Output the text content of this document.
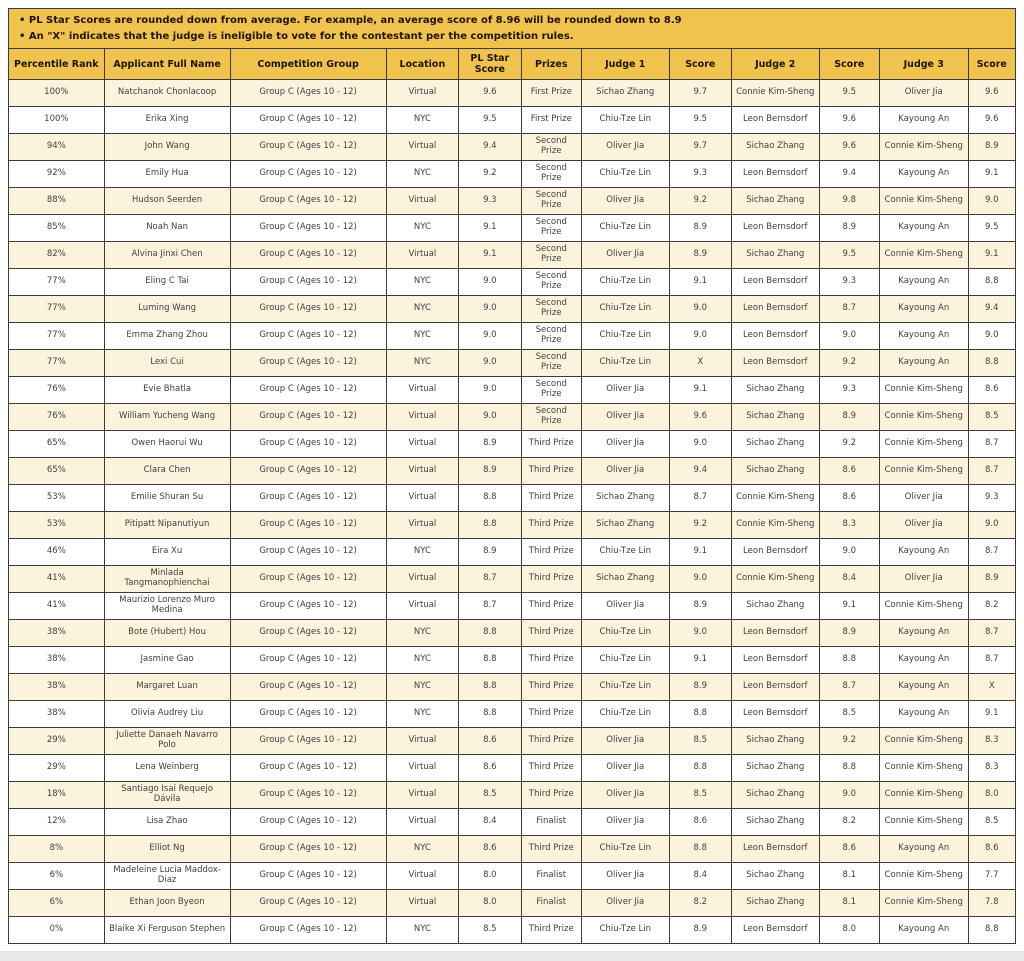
• PL Star Scores are rounded down from average. For example, an average score of 8.96 will be rounded down to 8.9
• An "X" indicates that the judge is ineligible to vote for the contestant per the competition rules.											

Percentile Rank	Applicant Full Name	Competition Group	Location	PL Star Score	Prizes	Judge 1	Score	Judge 2	Score	Judge 3	Score
100%	Natchanok Chonlacoop	Group C (Ages 10 - 12)	Virtual	9.6	First Prize	Sichao Zhang	9.7	Connie Kim-Sheng	9.5	Oliver Jia	9.6
100%	Erika Xing	Group C (Ages 10 - 12)	NYC	9.5	First Prize	Chiu-Tze Lin	9.5	Leon Bernsdorf	9.6	Kayoung An	9.6
94%	John Wang	Group C (Ages 10 - 12)	Virtual	9.4	Second Prize	Oliver Jia	9.7	Sichao Zhang	9.6	Connie Kim-Sheng	8.9
92%	Emily Hua	Group C (Ages 10 - 12)	NYC	9.2	Second Prize	Chiu-Tze Lin	9.3	Leon Bernsdorf	9.4	Kayoung An	9.1
88%	Hudson Seerden	Group C (Ages 10 - 12)	Virtual	9.3	Second Prize	Oliver Jia	9.2	Sichao Zhang	9.8	Connie Kim-Sheng	9.0
85%	Noah Nan	Group C (Ages 10 - 12)	NYC	9.1	Second Prize	Chiu-Tze Lin	8.9	Leon Bernsdorf	8.9	Kayoung An	9.5
82%	Alvina Jinxi Chen	Group C (Ages 10 - 12)	Virtual	9.1	Second Prize	Oliver Jia	8.9	Sichao Zhang	9.5	Connie Kim-Sheng	9.1
77%	Eling C Tai	Group C (Ages 10 - 12)	NYC	9.0	Second Prize	Chiu-Tze Lin	9.1	Leon Bernsdorf	9.3	Kayoung An	8.8
77%	Luming Wang	Group C (Ages 10 - 12)	NYC	9.0	Second Prize	Chiu-Tze Lin	9.0	Leon Bernsdorf	8.7	Kayoung An	9.4
77%	Emma Zhang Zhou	Group C (Ages 10 - 12)	NYC	9.0	Second Prize	Chiu-Tze Lin	9.0	Leon Bernsdorf	9.0	Kayoung An	9.0
77%	Lexi Cui	Group C (Ages 10 - 12)	NYC	9.0	Second Prize	Chiu-Tze Lin	X	Leon Bernsdorf	9.2	Kayoung An	8.8
76%	Evie Bhatla	Group C (Ages 10 - 12)	Virtual	9.0	Second Prize	Oliver Jia	9.1	Sichao Zhang	9.3	Connie Kim-Sheng	8.6
76%	William Yucheng Wang	Group C (Ages 10 - 12)	Virtual	9.0	Second Prize	Oliver Jia	9.6	Sichao Zhang	8.9	Connie Kim-Sheng	8.5
65%	Owen Haorui Wu	Group C (Ages 10 - 12)	Virtual	8.9	Third Prize	Oliver Jia	9.0	Sichao Zhang	9.2	Connie Kim-Sheng	8.7
65%	Clara Chen	Group C (Ages 10 - 12)	Virtual	8.9	Third Prize	Oliver Jia	9.4	Sichao Zhang	8.6	Connie Kim-Sheng	8.7
53%	Emilie Shuran Su	Group C (Ages 10 - 12)	Virtual	8.8	Third Prize	Sichao Zhang	8.7	Connie Kim-Sheng	8.6	Oliver Jia	9.3
53%	Pitipatt Nipanutiyun	Group C (Ages 10 - 12)	Virtual	8.8	Third Prize	Sichao Zhang	9.2	Connie Kim-Sheng	8.3	Oliver Jia	9.0
46%	Eira Xu	Group C (Ages 10 - 12)	NYC	8.9	Third Prize	Chiu-Tze Lin	9.1	Leon Bernsdorf	9.0	Kayoung An	8.7
41%	Minlada Tangmanophienchai	Group C (Ages 10 - 12)	Virtual	8.7	Third Prize	Sichao Zhang	9.0	Connie Kim-Sheng	8.4	Oliver Jia	8.9
41%	Maurizio Lorenzo Muro Medina	Group C (Ages 10 - 12)	Virtual	8.7	Third Prize	Oliver Jia	8.9	Sichao Zhang	9.1	Connie Kim-Sheng	8.2
38%	Bote (Hubert) Hou	Group C (Ages 10 - 12)	NYC	8.8	Third Prize	Chiu-Tze Lin	9.0	Leon Bernsdorf	8.9	Kayoung An	8.7
38%	Jasmine Gao	Group C (Ages 10 - 12)	NYC	8.8	Third Prize	Chiu-Tze Lin	9.1	Leon Bernsdorf	8.8	Kayoung An	8.7
38%	Margaret Luan	Group C (Ages 10 - 12)	NYC	8.8	Third Prize	Chiu-Tze Lin	8.9	Leon Bernsdorf	8.7	Kayoung An	X
38%	Olivia Audrey Liu	Group C (Ages 10 - 12)	NYC	8.8	Third Prize	Chiu-Tze Lin	8.8	Leon Bernsdorf	8.5	Kayoung An	9.1
29%	Juliette Danaeh Navarro Polo	Group C (Ages 10 - 12)	Virtual	8.6	Third Prize	Oliver Jia	8.5	Sichao Zhang	9.2	Connie Kim-Sheng	8.3
29%	Lena Weinberg	Group C (Ages 10 - 12)	Virtual	8.6	Third Prize	Oliver Jia	8.8	Sichao Zhang	8.8	Connie Kim-Sheng	8.3
18%	Santiago Isaí Requejo Dávila	Group C (Ages 10 - 12)	Virtual	8.5	Third Prize	Oliver Jia	8.5	Sichao Zhang	9.0	Connie Kim-Sheng	8.0
12%	Lisa Zhao	Group C (Ages 10 - 12)	Virtual	8.4	Finalist	Oliver Jia	8.6	Sichao Zhang	8.2	Connie Kim-Sheng	8.5
8%	Elliot Ng	Group C (Ages 10 - 12)	NYC	8.6	Third Prize	Chiu-Tze Lin	8.8	Leon Bernsdorf	8.6	Kayoung An	8.6
6%	Madeleine Lucia Maddox-Diaz	Group C (Ages 10 - 12)	Virtual	8.0	Finalist	Oliver Jia	8.4	Sichao Zhang	8.1	Connie Kim-Sheng	7.7
6%	Ethan Joon Byeon	Group C (Ages 10 - 12)	Virtual	8.0	Finalist	Oliver Jia	8.2	Sichao Zhang	8.1	Connie Kim-Sheng	7.8
0%	Blaike Xi Ferguson Stephen	Group C (Ages 10 - 12)	NYC	8.5	Third Prize	Chiu-Tze Lin	8.9	Leon Bernsdorf	8.0	Kayoung An	8.8
